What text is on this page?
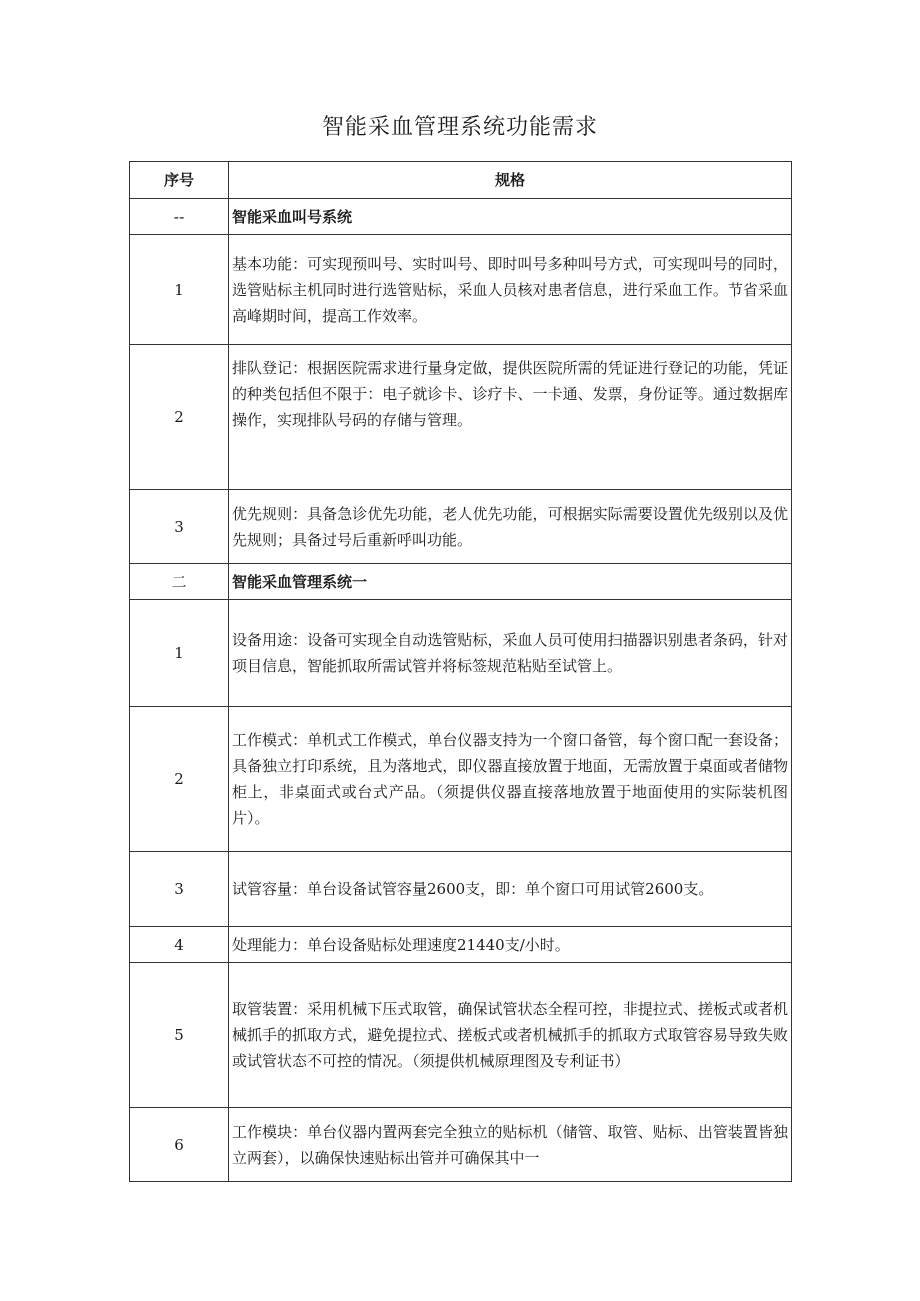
智能采血管理系统功能需求
序号	规格
--	智能采血叫号系统
1	基本功能：可实现预叫号、实时叫号、即时叫号多种叫号方式，可实现叫号的同时，选管贴标主机同时进行选管贴标，采血人员核对患者信息，进行采血工作。节省采血高峰期时间，提高工作效率。
2	排队登记：根据医院需求进行量身定做，提供医院所需的凭证进行登记的功能，凭证的种类包括但不限于：电子就诊卡、诊疗卡、一卡通、发票，身份证等。通过数据库操作，实现排队号码的存储与管理。
3	优先规则：具备急诊优先功能，老人优先功能，可根据实际需要设置优先级别以及优先规则；具备过号后重新呼叫功能。
二	智能采血管理系统一
1	设备用途：设备可实现全自动选管贴标，采血人员可使用扫描器识别患者条码，针对项目信息，智能抓取所需试管并将标签规范粘贴至试管上。
2	工作模式：单机式工作模式，单台仪器支持为一个窗口备管，每个窗口配一套设备；具备独立打印系统，且为落地式，即仪器直接放置于地面，无需放置于桌面或者储物柜上，非桌面式或台式产品。（须提供仪器直接落地放置于地面使用的实际装机图片）。
3	试管容量：单台设备试管容量2600支，即：单个窗口可用试管2600支。
4	处理能力：单台设备贴标处理速度21440支/小时。
5	取管装置：采用机械下压式取管，确保试管状态全程可控，非提拉式、搓板式或者机械抓手的抓取方式，避免提拉式、搓板式或者机械抓手的抓取方式取管容易导致失败或试管状态不可控的情况。（须提供机械原理图及专利证书）
6	工作模块：单台仪器内置两套完全独立的贴标机（储管、取管、贴标、出管装置皆独立两套），以确保快速贴标出管并可确保其中一
